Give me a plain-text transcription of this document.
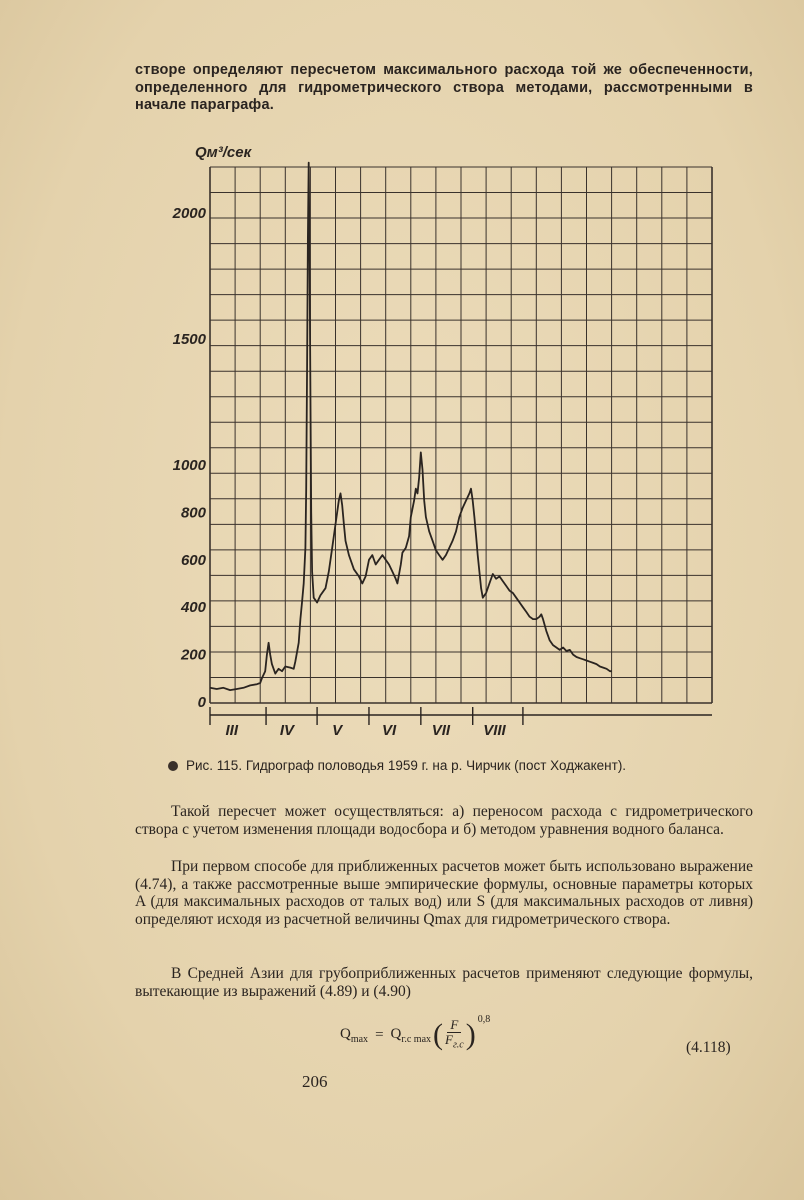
створе определяют пересчетом максимального расхода той же обеспеченности, определенного для гидрометрического створа методами, рассмотренными в начале параграфа.

III	IV	V	VI VII VIII
0
200
400
600
800
1000
1500
2000
Qм³/сек
Рис. 115. Гидрограф половодья 1959 г. на р. Чирчик (пост Ходжакент).

Такой пересчет может осуществляться: а) переносом расхода с гидрометрического створа с учетом изменения площади водосбора и б) методом уравнения водного баланса.

При первом способе для приближенных расчетов может быть использовано выражение (4.74), а также рассмотренные выше эмпирические формулы, основные параметры которых A (для максимальных расходов от талых вод) или S (для максимальных расходов от ливня) определяют исходя из расчетной величины Qmax для гидрометрического створа.

В Средней Азии для грубоприближенных расчетов применяют следующие формулы, вытекающие из выражений (4.89) и (4.90)

$Q_{max} = Q_{г.с max}$ ( $\frac{F}{F_{г.с}}$ ) 0,8
(4.118)
206
